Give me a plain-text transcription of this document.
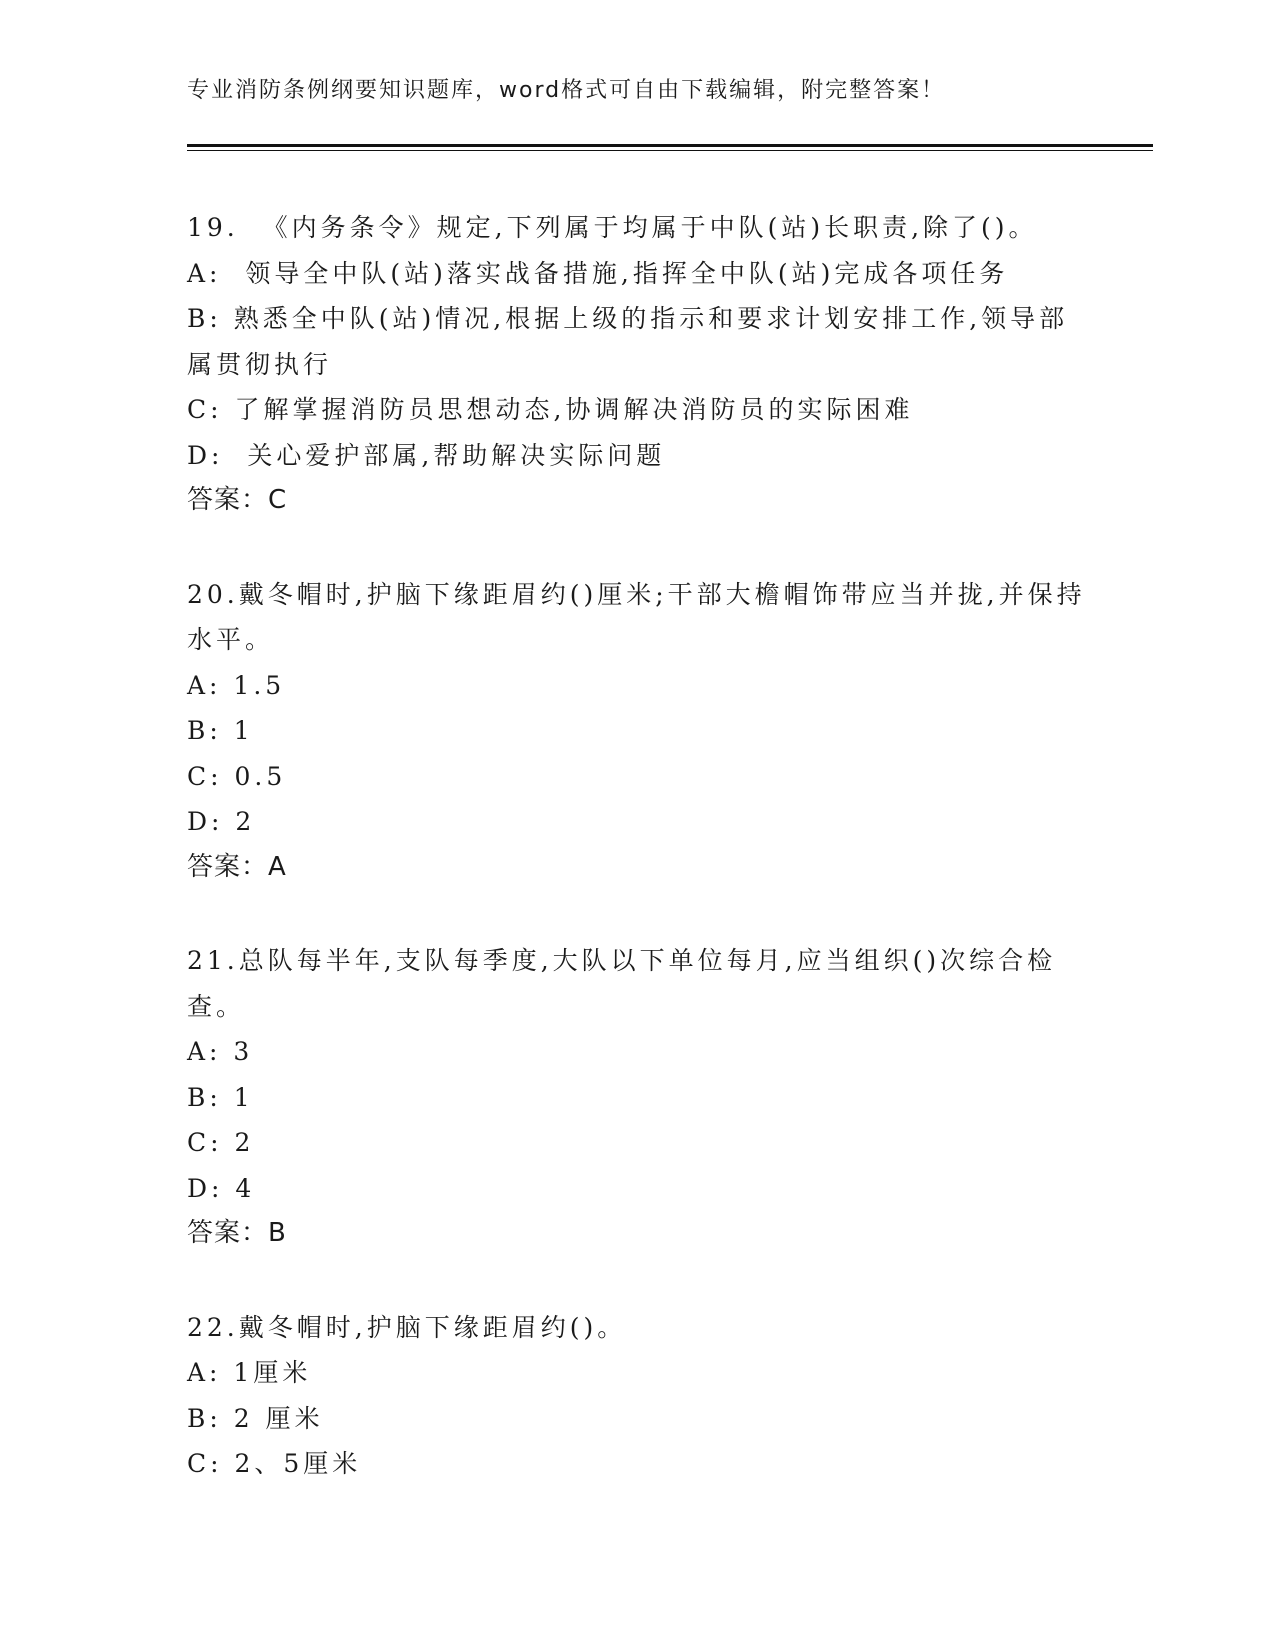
专业消防条例纲要知识题库，word格式可自由下载编辑，附完整答案！
19.  《内务条令》规定,下列属于均属于中队(站)长职责,除了()。
A:  领导全中队(站)落实战备措施,指挥全中队(站)完成各项任务
B: 熟悉全中队(站)情况,根据上级的指示和要求计划安排工作,领导部属贯彻执行
C: 了解掌握消防员思想动态,协调解决消防员的实际困难
D:  关心爱护部属,帮助解决实际问题
答案：C
20.戴冬帽时,护脑下缘距眉约()厘米;干部大檐帽饰带应当并拢,并保持水平。
A: 1.5
B: 1
C: 0.5
D: 2
答案：A
21.总队每半年,支队每季度,大队以下单位每月,应当组织()次综合检查。
A: 3
B: 1
C: 2
D: 4
答案：B
22.戴冬帽时,护脑下缘距眉约()。
A: 1厘米
B: 2 厘米
C: 2、5厘米
